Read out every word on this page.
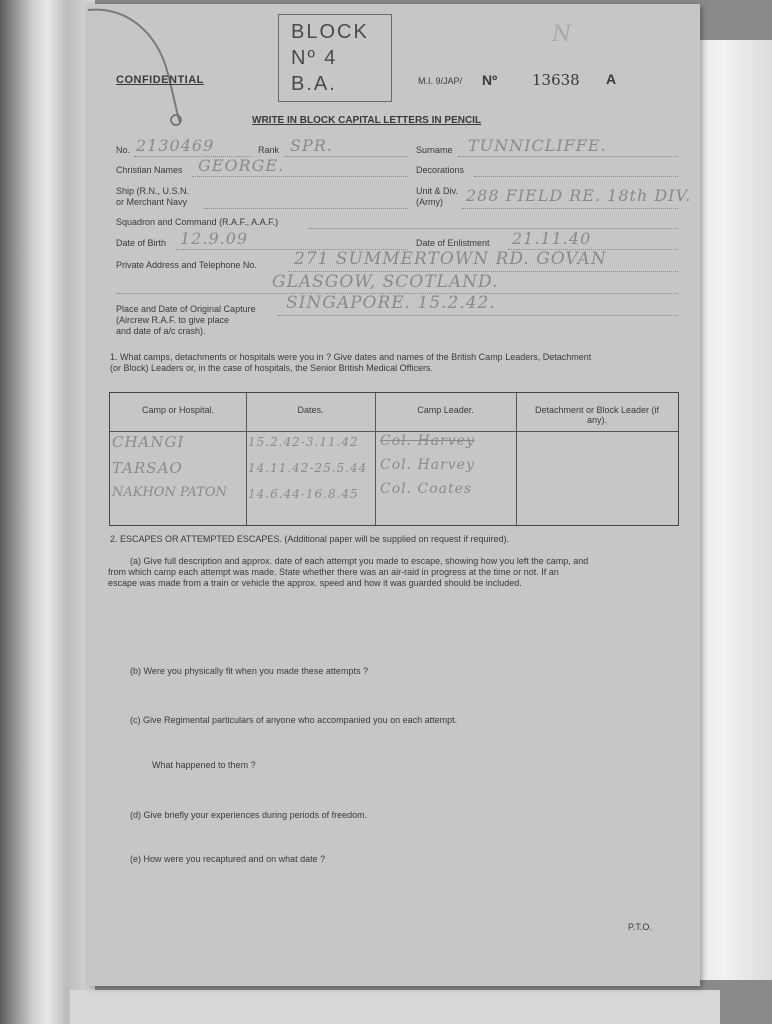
BLOCK
Nº 4
B.A.
N
CONFIDENTIAL	M.I. 9/JAP/ Nº 13638 A
WRITE IN BLOCK CAPITAL LETTERS IN PENCIL
No. 2130469	Rank SPR.	Surname TUNNICLIFFE.
Christian Names GEORGE.	Decorations
Ship (R.N., U.S.N.
or Merchant Navy
Unit & Div.
(Army) 288 FIELD RE. 18th DIV.
Squadron and Command (R.A.F., A.A.F.)
Date of Birth 12.9.09	Date of Enlistment 21.11.40
Private Address and Telephone No. 271 SUMMERTOWN RD. GOVAN
GLASGOW, SCOTLAND.
Place and Date of Original Capture
(Aircrew R.A.F. to give place
and date of a/c crash).
SINGAPORE. 15.2.42.
1. What camps, detachments or hospitals were you in ? Give dates and names of the British Camp Leaders, Detachment
(or Block) Leaders or, in the case of hospitals, the Senior British Medical Officers.
Camp or Hospital.	Dates.	Camp Leader.	Detachment or Block Leader (if any).
CHANGI	15.2.42-3.11.42 Col. Harvey
TARSAO	14.11.42-25.5.44 Col. Harvey
NAKHON PATON 14.6.44-16.8.45 Col. Coates
2. ESCAPES OR ATTEMPTED ESCAPES. (Additional paper will be supplied on request if required).
(a) Give full description and approx. date of each attempt you made to escape, showing how you left the camp, and
from which camp each attempt was made. State whether there was an air-raid in progress at the time or not. If an
escape was made from a train or vehicle the approx. speed and how it was guarded should be included.
(b) Were you physically fit when you made these attempts ?
(c) Give Regimental particulars of anyone who accompanied you on each attempt.
What happened to them ?
(d) Give briefly your experiences during periods of freedom.
(e) How were you recaptured and on what date ?
P.T.O.
